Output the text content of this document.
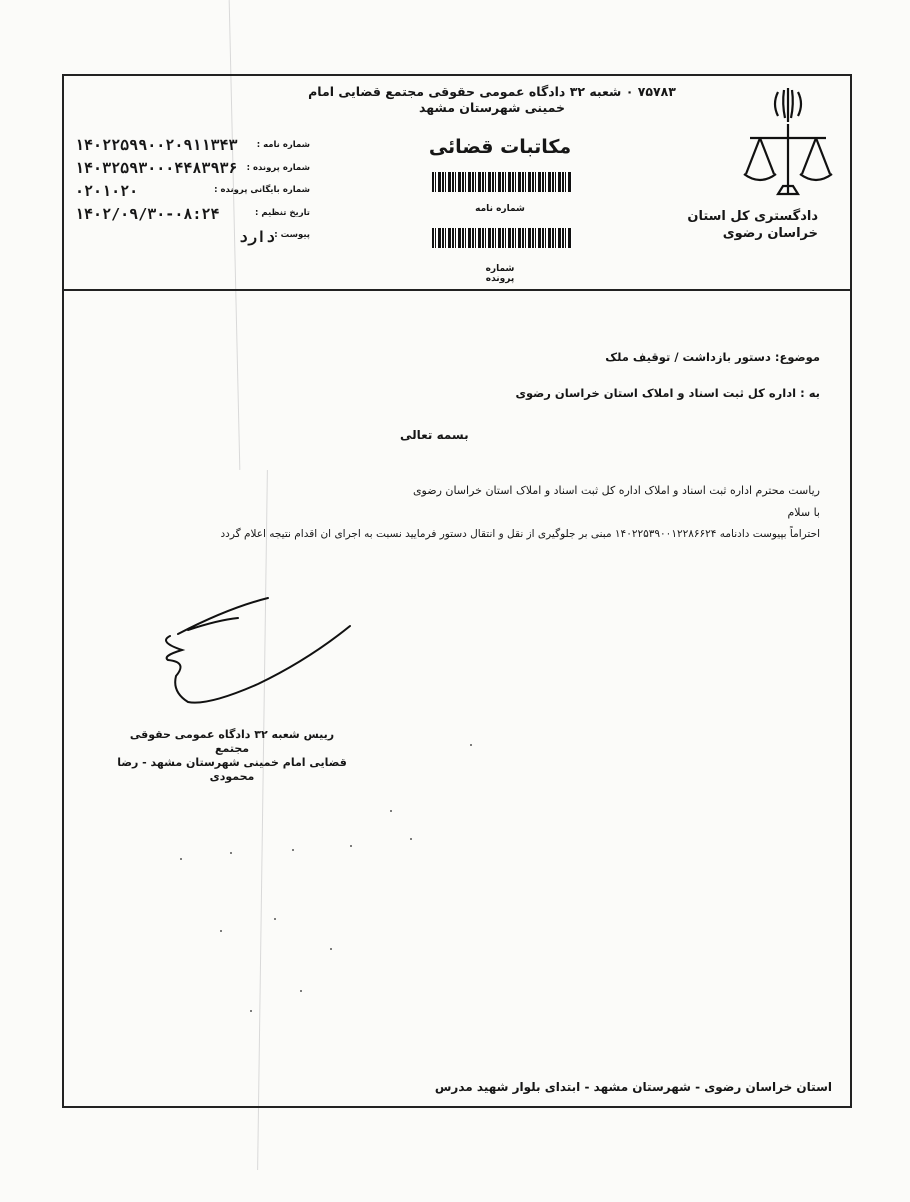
دادگستری کل استان
خراسان رضوی
۷۵۷۸۳ ۰ شعبه ۳۲ دادگاه عمومی حقوقی مجتمع قضایی امام
خمینی شهرستان مشهد
مکاتبات قضائی
شماره نامه
شماره پرونده
شماره نامه :
شماره پرونده :
شماره بایگانی پرونده :
تاریخ تنظیم :
پیوست :
۱۴۰۲۲۵۹۹۰۰۲۰۹۱۱۳۴۳
۱۴۰۳۲۵۹۳۰۰۰۴۴۸۳۹۳۶
۰۲۰۱۰۲۰
۱۴۰۲/۰۹/۳۰-۰۸:۲۴
دارد
موضوع: دستور بازداشت / توقیف ملک
به : اداره کل ثبت اسناد و املاک استان خراسان رضوی
بسمه تعالی
ریاست محترم اداره ثبت اسناد و املاک اداره کل ثبت اسناد و املاک استان خراسان رضوی
با سلام
احتراماً بپیوست دادنامه ۱۴۰۲۲۵۳۹۰۰۱۲۲۸۶۶۲۴ مبنی بر جلوگیری از نقل و انتقال دستور فرمایید نسبت به اجرای ان اقدام نتیجه اعلام گردد
رییس شعبه ۳۲ دادگاه عمومی حقوقی مجتمع
قضایی امام خمینی شهرستان مشهد - رضا
محمودی
استان خراسان رضوی - شهرستان مشهد - ابتدای بلوار شهید مدرس
